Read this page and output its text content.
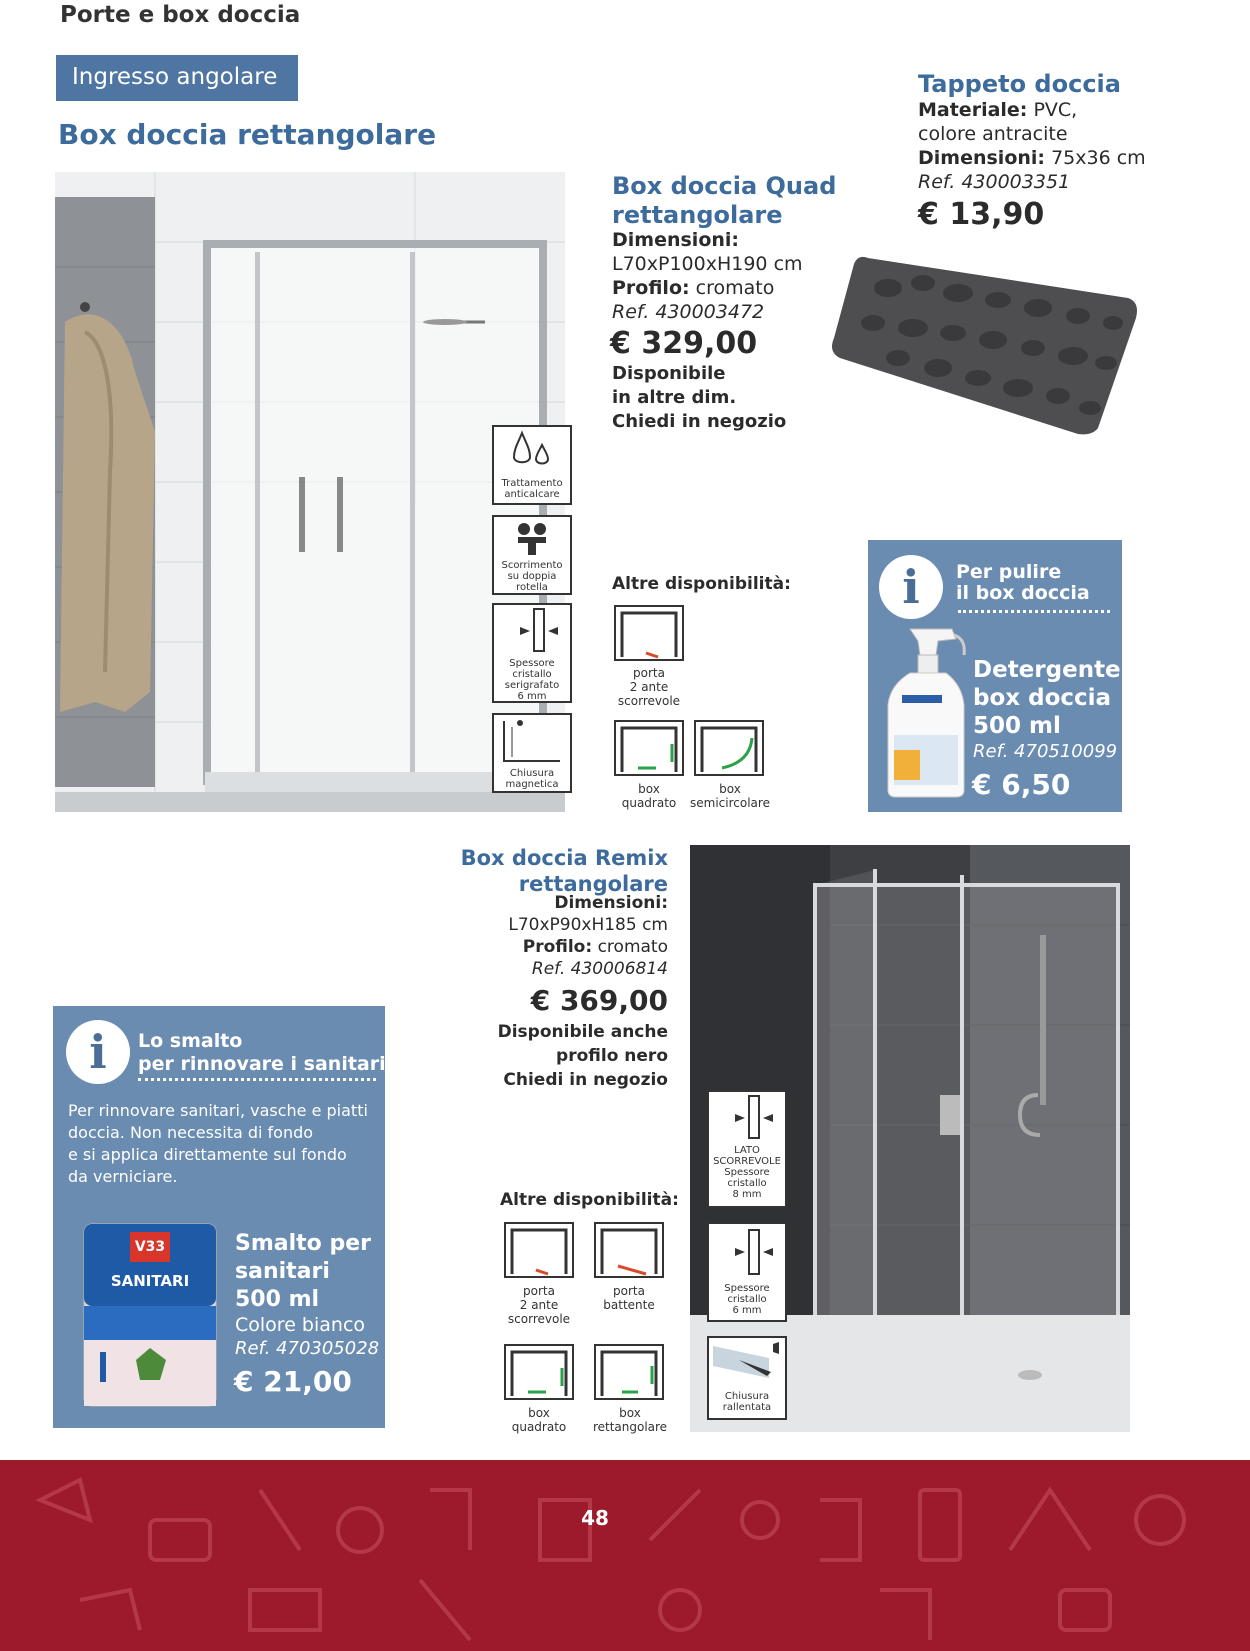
Porte e box doccia
Ingresso angolare
Box doccia rettangolare
Trattamento
anticalcare
Scorrimento
su doppia
rotella
Spessore
cristallo
serigrafato
6 mm
Chiusura
magnetica
Box doccia Quad
rettangolare
Dimensioni:
L70xP100xH190 cm
Profilo: cromato
Ref. 430003472
€ 329,00
Disponibile
in altre dim.
Chiedi in negozio
Altre disponibilità:
porta
2 ante
scorrevole
box
quadrato
box
semicircolare
Tappeto doccia
Materiale: PVC,
colore antracite
Dimensioni: 75x36 cm
Ref. 430003351
€ 13,90
i	Per pulire
il box doccia
Detergente
box doccia
500 ml
Ref. 470510099
€ 6,50
Box doccia Remix
rettangolare
Dimensioni:
L70xP90xH185 cm
Profilo: cromato
Ref. 430006814
€ 369,00
Disponibile anche
profilo nero
Chiedi in negozio
Altre disponibilità:
porta
2 ante
scorrevole
porta
battente
box
quadrato
box
rettangolare
LATO
SCORREVOLE
Spessore
cristallo
8 mm
Spessore
cristallo
6 mm
Chiusura
rallentata
i	Lo smalto
per rinnovare i sanitari
Per rinnovare sanitari, vasche e piatti
doccia. Non necessita di fondo
e si applica direttamente sul fondo
da verniciare.
V33
SANITARI
Smalto per
sanitari
500 ml
Colore bianco
Ref. 470305028
€ 21,00
48
